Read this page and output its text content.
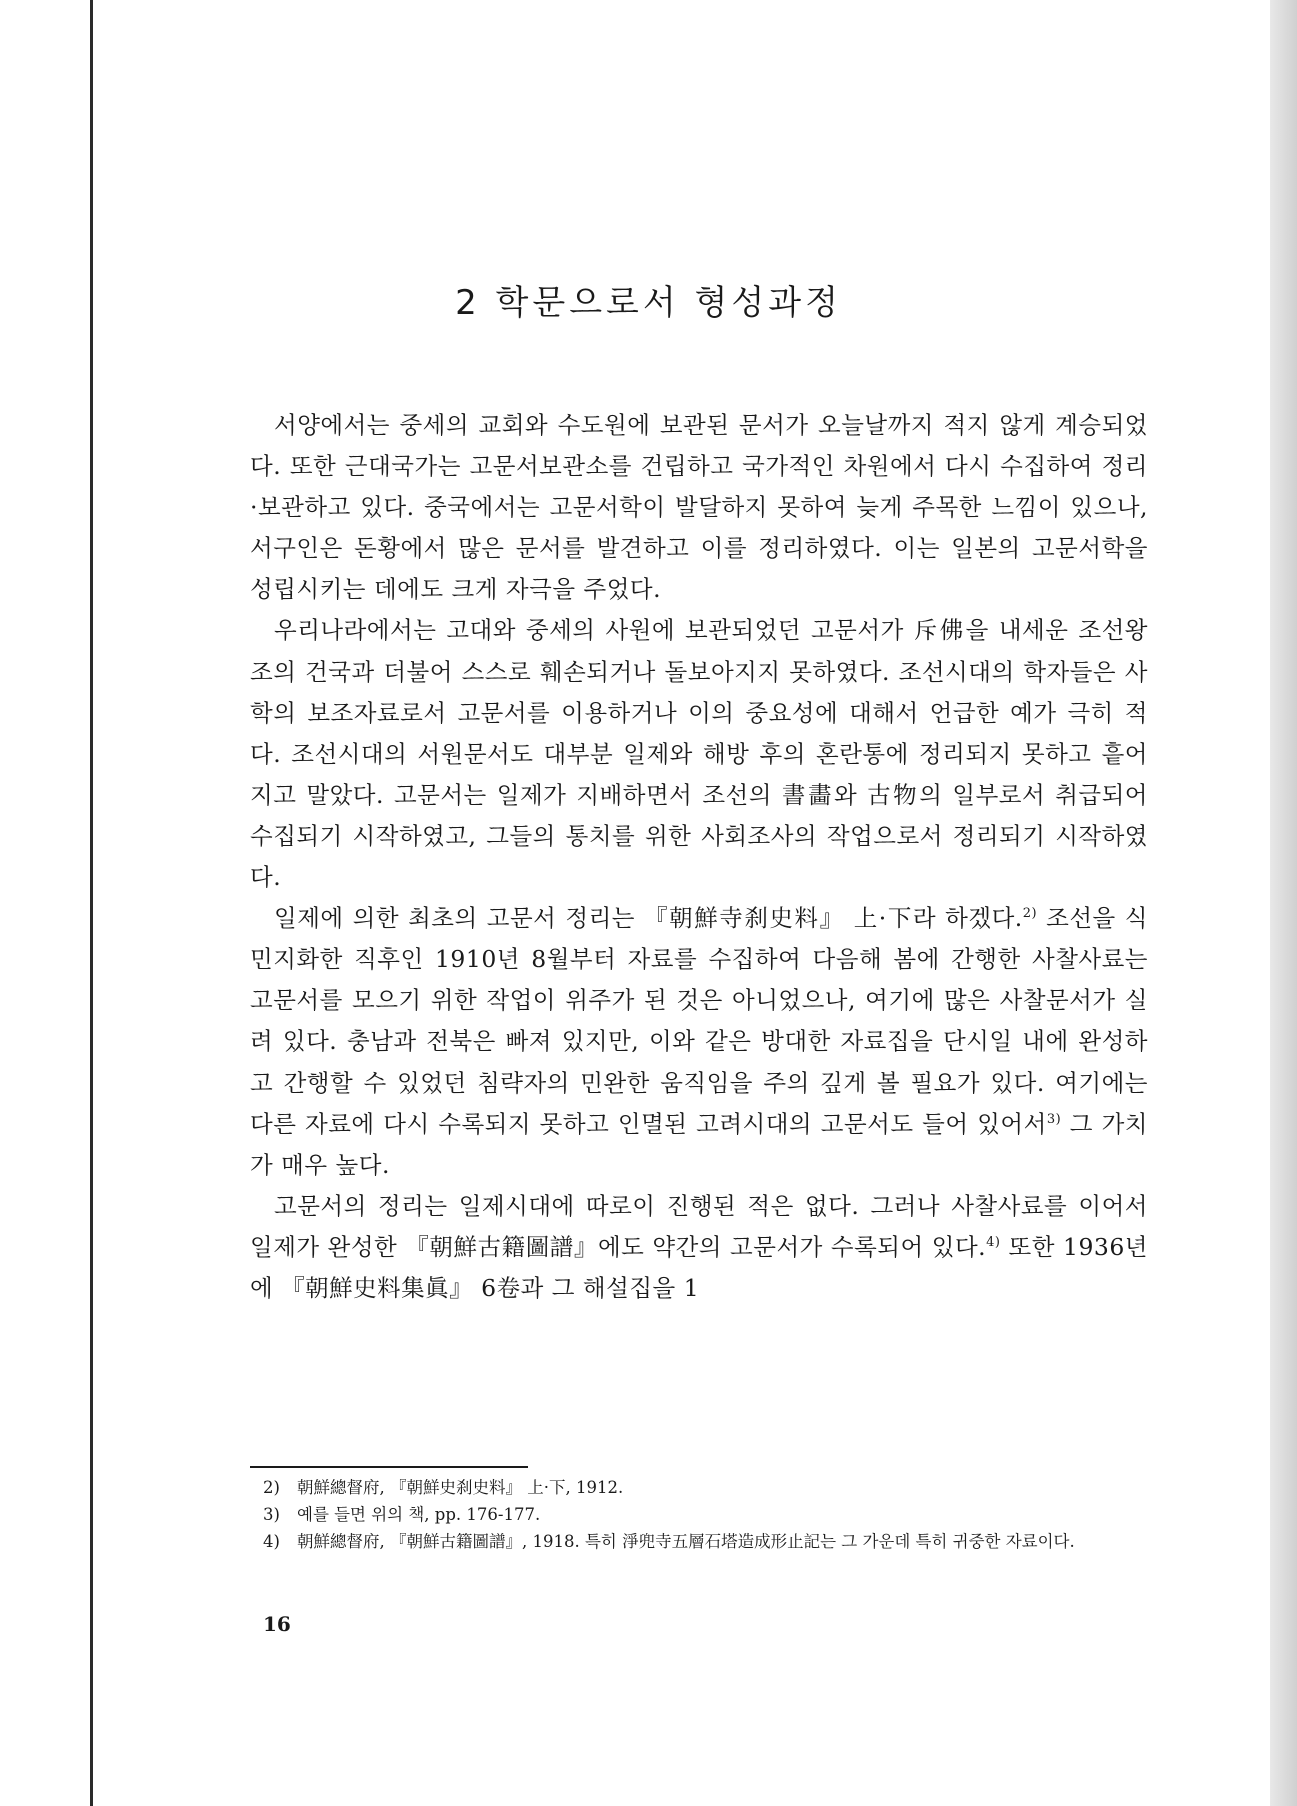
2 학문으로서 형성과정

서양에서는 중세의 교회와 수도원에 보관된 문서가 오늘날까지 적지 않게 계승되었다. 또한 근대국가는 고문서보관소를 건립하고 국가적인 차원에서 다시 수집하여 정리·보관하고 있다. 중국에서는 고문서학이 발달하지 못하여 늦게 주목한 느낌이 있으나, 서구인은 돈황에서 많은 문서를 발견하고 이를 정리하였다. 이는 일본의 고문서학을 성립시키는 데에도 크게 자극을 주었다.

우리나라에서는 고대와 중세의 사원에 보관되었던 고문서가 斥佛을 내세운 조선왕조의 건국과 더불어 스스로 훼손되거나 돌보아지지 못하였다. 조선시대의 학자들은 사학의 보조자료로서 고문서를 이용하거나 이의 중요성에 대해서 언급한 예가 극히 적다. 조선시대의 서원문서도 대부분 일제와 해방 후의 혼란통에 정리되지 못하고 흩어지고 말았다. 고문서는 일제가 지배하면서 조선의 書畵와 古物의 일부로서 취급되어 수집되기 시작하였고, 그들의 통치를 위한 사회조사의 작업으로서 정리되기 시작하였다.

일제에 의한 최초의 고문서 정리는 『朝鮮寺刹史料』 上·下라 하겠다.$^{2)}$ 조선을 식민지화한 직후인 1910년 8월부터 자료를 수집하여 다음해 봄에 간행한 사찰사료는 고문서를 모으기 위한 작업이 위주가 된 것은 아니었으나, 여기에 많은 사찰문서가 실려 있다. 충남과 전북은 빠져 있지만, 이와 같은 방대한 자료집을 단시일 내에 완성하고 간행할 수 있었던 침략자의 민완한 움직임을 주의 깊게 볼 필요가 있다. 여기에는 다른 자료에 다시 수록되지 못하고 인멸된 고려시대의 고문서도 들어 있어서$^{3)}$ 그 가치가 매우 높다.

고문서의 정리는 일제시대에 따로이 진행된 적은 없다. 그러나 사찰사료를 이어서 일제가 완성한 『朝鮮古籍圖譜』에도 약간의 고문서가 수록되어 있다.$^{4)}$ 또한 1936년에 『朝鮮史料集眞』 6卷과 그 해설집을 1

2)	朝鮮總督府, 『朝鮮史刹史料』 上·下, 1912.
3)	예를 들면 위의 책, pp. 176-177.
4)	朝鮮總督府, 『朝鮮古籍圖譜』, 1918. 특히 淨兜寺五層石塔造成形止記는 그 가운데 특히 귀중한 자료이다.
16
